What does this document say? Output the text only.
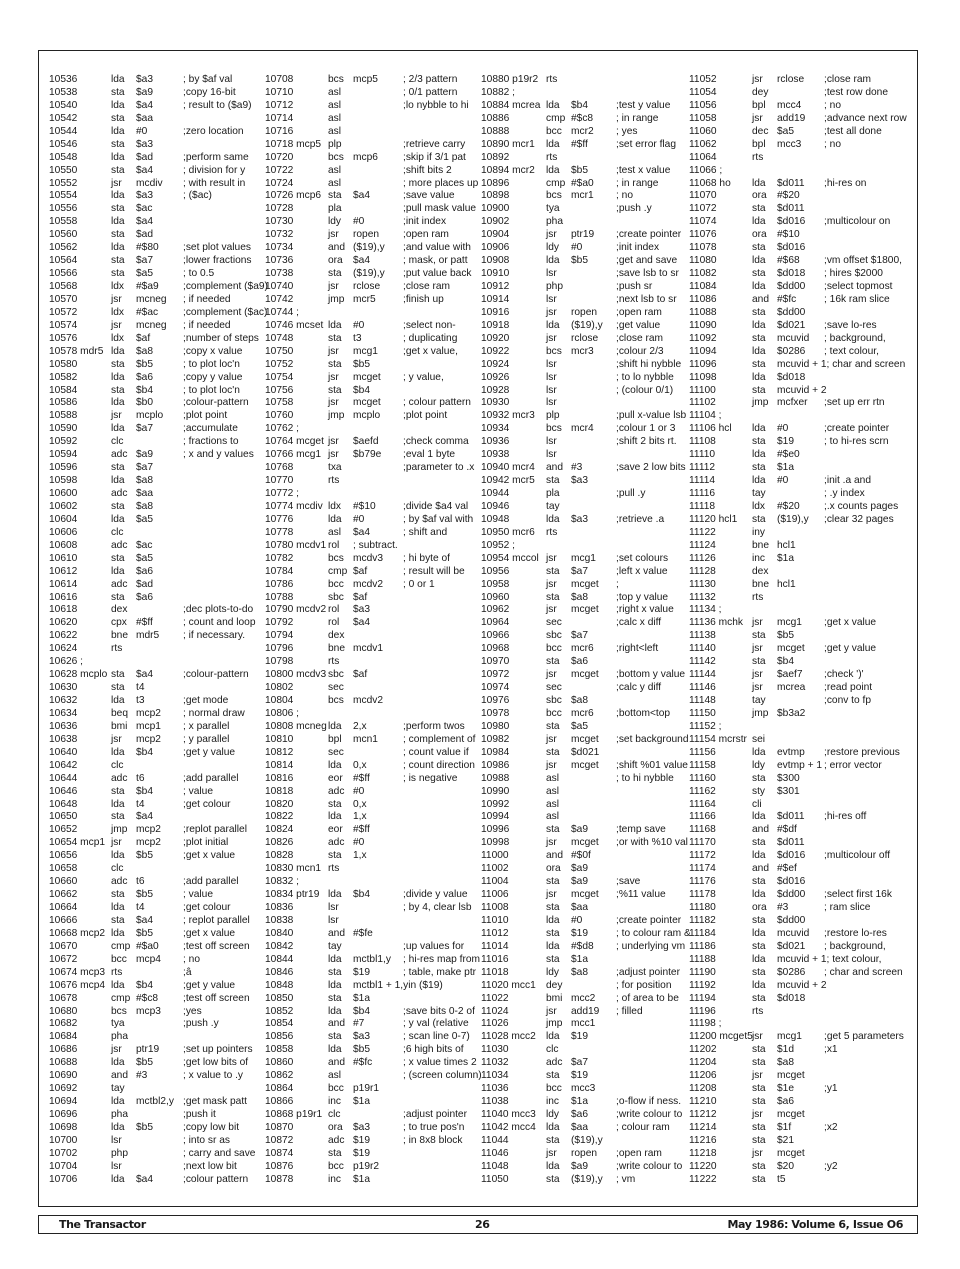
10536	lda $a3	; by $af val
10538	sta $a9	;copy 16-bit
10540	lda $a4	; result to ($a9)
10542	sta $aa
10544	lda #0	;zero location
10546	sta $a3
10548	lda $ad	;perform same
10550	sta $a4	; division for y
10552	jsr mcdiv ; with result in
10554	lda $a3	; ($ac)
10556	sta $ac
10558	lda $a4
10560	sta $ad
10562	lda #$80 ;set plot values
10564	sta $a7	;lower fractions
10566	sta $a5	; to 0.5
10568	ldx #$a9 ;complement ($a9)
10570	jsr mcneg ; if needed
10572	ldx #$ac ;complement ($ac)
10574	jsr mcneg ; if needed
10576	ldx $af	;number of steps
10578 mdr5 lda $a8	;copy x value
10580	sta $b5	; to plot loc'n
10582	lda $a6	;copy y value
10584	sta $b4	; to plot loc'n
10586	lda $b0	;colour-pattern
10588	jsr mcplo ;plot point
10590	lda $a7	;accumulate
10592	clc	; fractions to
10594	adc $a9	; x and y values
10596	sta $a7
10598	lda $a8
10600	adc $aa
10602	sta $a8
10604	lda $a5
10606	clc
10608	adc $ac
10610	sta $a5
10612	lda $a6
10614	adc $ad
10616	sta $a6
10618	dex	;dec plots-to-do
10620	cpx #$ff	; count and loop
10622	bne mdr5 ; if necessary.
10624	rts
10626 ;
10628 mcplo sta $a4	;colour-pattern
10630	sta t4
10632	lda t3	;get mode
10634	beq mcp2 ; normal draw
10636	bmi mcp1 ; x parallel
10638	jsr mcp2 ; y parallel
10640	lda $b4	;get y value
10642	clc
10644	adc t6	;add parallel
10646	sta $b4	; value
10648	lda t4	;get colour
10650	sta $a4
10652	jmp mcp2 ;replot parallel
10654 mcp1 jsr mcp2 ;plot initial
10656	lda $b5	;get x value
10658	clc
10660	adc t6	;add parallel
10662	sta $b5	; value
10664	lda t4	;get colour
10666	sta $a4	; replot parallel
10668 mcp2 lda $b5	;get x value
10670	cmp #$a0 ;test off screen
10672	bcc mcp4 ; no
10674 mcp3 rts	;â
10676 mcp4 lda $b4	;get y value
10678	cmp #$c8 ;test off screen
10680	bcs mcp3 ;yes
10682	tya	;push .y
10684	pha
10686	jsr ptr19 ;set up pointers
10688	lda $b5	;get low bits of
10690	and #3	; x value to .y
10692	tay
10694	lda mctbl2,y ;get mask patt
10696	pha	;push it
10698	lda $b5	;copy low bit
10700	lsr	; into sr as
10702	php	; carry and save
10704	lsr	;next low bit
10706	lda $a4	;colour pattern
10708	bcs mcp5 ; 2/3 pattern
10710	asl	; 0/1 pattern
10712	asl	;lo nybble to hi
10714	asl
10716	asl
10718 mcp5 plp	;retrieve carry
10720	bcs mcp6 ;skip if 3/1 pat
10722	asl	;shift bits 2
10724	asl	; more places up
10726 mcp6 sta $a4	;save value
10728	pla	;pull mask value
10730	ldy #0	;init index
10732	jsr ropen ;open ram
10734	and ($19),y ;and value with
10736	ora $a4	; mask, or patt
10738	sta ($19),y ;put value back
10740	jsr rclose ;close ram
10742	jmp mcr5	;finish up
10744 ;
10746 mcset lda #0	;select non-
10748	sta t3	; duplicating
10750	jsr mcg1 ;get x value,
10752	sta $b5
10754	jsr mcget ; y value,
10756	sta $b4
10758	jsr mcget ; colour pattern
10760	jmp mcplo ;plot point
10762 ;
10764 mcget jsr $aefd ;check comma
10766 mcg1 jsr $b79e ;eval 1 byte
10768	txa	;parameter to .x
10770	rts
10772 ;
10774 mcdiv ldx #$10	;divide $a4 val
10776	lda #0	; by $af val with
10778	asl $a4	; shift and
10780 mcdv1 rol ; subtract.
10782	bcs mcdv3 ; hi byte of
10784	cmp $af	; result will be
10786	bcc mcdv2 ; 0 or 1
10788	sbc $af
10790 mcdv2 rol $a3
10792	rol $a4
10794	dex
10796	bne mcdv1
10798	rts
10800 mcdv3 sbc $af
10802	sec
10804	bcs mcdv2
10806 ;
10808 mcneg lda 2,x	;perform twos
10810	bpl mcn1 ; complement of
10812	sec	; count value if
10814	lda 0,x	; count direction
10816	eor #$ff	; is negative
10818	adc #0
10820	sta 0,x
10822	lda 1,x
10824	eor #$ff
10826	adc #0
10828	sta 1,x
10830 mcn1 rts
10832 ;
10834 ptr19 lda $b4	;divide y value
10836	lsr	; by 4, clear lsb
10838	lsr
10840	and #$fe
10842	tay	;up values for
10844	lda mctbl1,y ; hi-res map from
10846	sta $19	; table, make ptr
10848	lda mctbl1 + 1,yin ($19)
10850	sta $1a
10852	lda $b4	;save bits 0-2 of
10854	and #7	; y val (relative
10856	sta $a3	; scan line 0-7)
10858	lda $b5	;6 high bits of
10860	and #$fc	; x value times 2
10862	asl	; (screen column)
10864	bcc p19r1
10866	inc $1a
10868 p19r1 clc	;adjust pointer
10870	ora $a3	; to true pos'n
10872	adc $19	; in 8x8 block
10874	sta $19
10876	bcc p19r2
10878	inc $1a
10880 p19r2 rts
10882 ;
10884 mcrea lda $b4	;test y value
10886	cmp #$c8 ; in range
10888	bcc mcr2 ; yes
10890 mcr1 lda #$ff	;set error flag
10892	rts
10894 mcr2 lda $b5	;test x value
10896	cmp #$a0 ; in range
10898	bcs mcr1 ; no
10900	tya	;push .y
10902	pha
10904	jsr ptr19 ;create pointer
10906	ldy #0	;init index
10908	lda $b5	;get and save
10910	lsr	;save lsb to sr
10912	php	;push sr
10914	lsr	;next lsb to sr
10916	jsr ropen ;open ram
10918	lda ($19),y ;get value
10920	jsr rclose ;close ram
10922	bcs mcr3 ;colour 2/3
10924	lsr	;shift hi nybble
10926	lsr	; to lo nybble
10928	lsr	; (colour 0/1)
10930	lsr
10932 mcr3 plp	;pull x-value lsb
10934	bcs mcr4 ;colour 1 or 3
10936	lsr	;shift 2 bits rt.
10938	lsr
10940 mcr4 and #3	;save 2 low bits
10942 mcr5 sta $a3
10944	pla	;pull .y
10946	tay
10948	lda $a3	;retrieve .a
10950 mcr6 rts
10952 ;
10954 mccol jsr mcg1 ;set colours
10956	sta $a7	;left x value
10958	jsr mcget ;
10960	sta $a8	;top y value
10962	jsr mcget ;right x value
10964	sec	;calc x diff
10966	sbc $a7
10968	bcc mcr6 ;right<left
10970	sta $a6
10972	jsr mcget ;bottom y value
10974	sec	;calc y diff
10976	sbc $a8
10978	bcc mcr6 ;bottom<top
10980	sta $a5
10982	jsr mcget ;set background
10984	sta $d021
10986	jsr mcget ;shift %01 value
10988	asl	; to hi nybble
10990	asl
10992	asl
10994	asl
10996	sta $a9	;temp save
10998	jsr mcget ;or with %10 val
11000	and #$0f
11002	ora $a9
11004	sta $a9	;save
11006	jsr mcget ;%11 value
11008	sta $aa
11010	lda #0	;create pointer
11012	sta $19	; to colour ram &
11014	lda #$d8 ; underlying vm
11016	sta $1a
11018	ldy $a8	;adjust pointer
11020 mcc1 dey	; for position
11022	bmi mcc2 ; of area to be
11024	jsr add19 ; filled
11026	jmp mcc1
11028 mcc2 lda $19
11030	clc
11032	adc $a7
11034	sta $19
11036	bcc mcc3
11038	inc $1a	;o-flow if ness.
11040 mcc3 ldy $a6	;write colour to
11042 mcc4 lda $aa	; colour ram
11044	sta ($19),y
11046	jsr ropen ;open ram
11048	lda $a9	;write colour to
11050	sta ($19),y ; vm
11052	jsr rclose ;close ram
11054	dey	;test row done
11056	bpl mcc4 ; no
11058	jsr add19 ;advance next row
11060	dec $a5	;test all done
11062	bpl mcc3 ; no
11064	rts
11066 ;
11068 ho lda $d011 ;hi-res on
11070	ora #$20
11072	sta $d011
11074	lda $d016 ;multicolour on
11076	ora #$10
11078	sta $d016
11080	lda #$68 ;vm offset $1800,
11082	sta $d018 ; hires $2000
11084	lda $dd00 ;select topmost
11086	and #$fc	; 16k ram slice
11088	sta $dd00
11090	lda $d021 ;save lo-res
11092	sta mcuvid ; background,
11094	lda $0286 ; text colour,
11096	sta mcuvid + 1; char and screen
11098	lda $d018
11100	sta mcuvid + 2
11102	jmp mcfxer ;set up err rtn
11104 ;
11106 hcl lda #0	;create pointer
11108	sta $19	; to hi-res scrn
11110	lda #$e0
11112	sta $1a
11114	lda #0	;init .a and
11116	tay	; .y index
11118	ldx #$20 ;.x counts pages
11120 hcl1 sta ($19),y ;clear 32 pages
11122	iny
11124	bne hcl1
11126	inc $1a
11128	dex
11130	bne hcl1
11132	rts
11134 ;
11136 mchk jsr mcg1 ;get x value
11138	sta $b5
11140	jsr mcget ;get y value
11142	sta $b4
11144	jsr $aef7 ;check ')'
11146	jsr mcrea ;read point
11148	tay	;conv to fp
11150	jmp $b3a2
11152 ;
11154 mcrstr sei
11156	lda evtmp ;restore previous
11158	ldy evtmp + 1 ; error vector
11160	sta $300
11162	sty $301
11164	cli
11166	lda $d011 ;hi-res off
11168	and #$df
11170	sta $d011
11172	lda $d016 ;multicolour off
11174	and #$ef
11176	sta $d016
11178	lda $dd00 ;select first 16k
11180	ora #3	; ram slice
11182	sta $dd00
11184	lda mcuvid ;restore lo-res
11186	sta $d021 ; background,
11188	lda mcuvid + 1; text colour,
11190	sta $0286 ; char and screen
11192	lda mcuvid + 2
11194	sta $d018
11196	rts
11198 ;
11200 mcget5 jsr mcg1 ;get 5 parameters
11202	sta $1d	;x1
11204	sta $a8
11206	jsr mcget
11208	sta $1e	;y1
11210	sta $a6
11212	jsr mcget
11214	sta $1f	;x2
11216	sta $21
11218	jsr mcget
11220	sta $20	;y2
11222	sta t5
The Transactor	26	May 1986: Volume 6, Issue O6
